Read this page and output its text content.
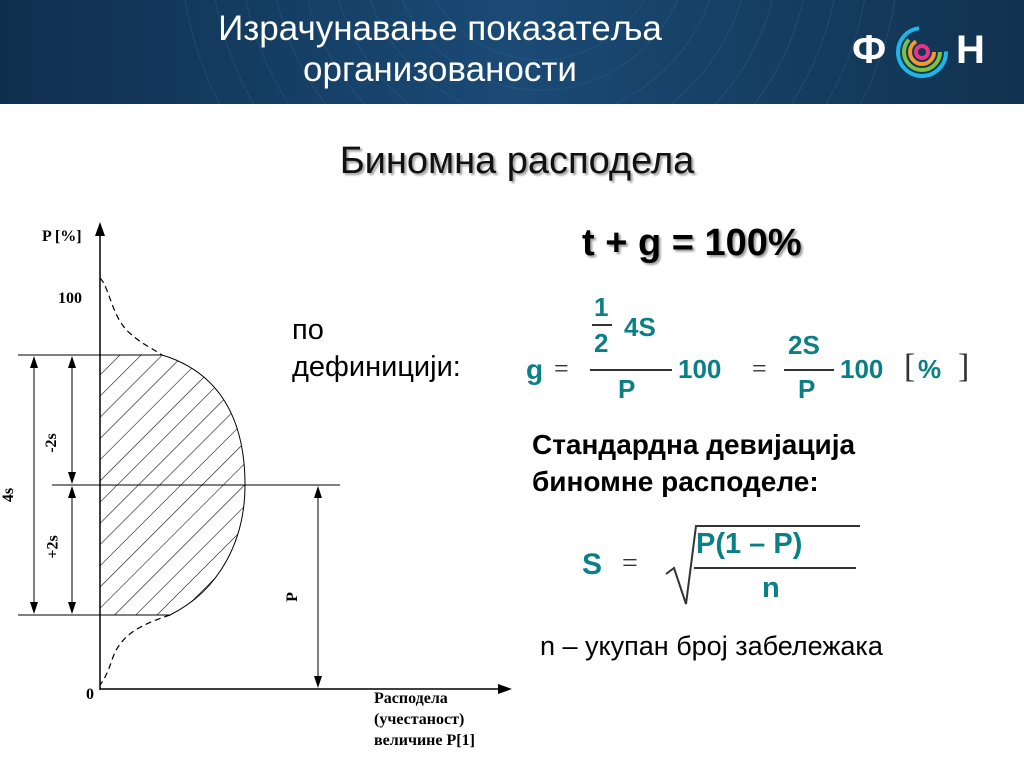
Израчунавање показатеља
организованости	Ф Н
Биномна расподела
t + g = 100%
по
дефиницији: g =
1
2
4S
P
100 =
2S
P
100 [ % ]
Стандардна девијација
биномне расподеле:
S =
P(1 – P)
n
n – укупан број забележака
P [%]
100
0
4s
-2s
+2s
P
Расподела
(учестаност)
величине P[1]
